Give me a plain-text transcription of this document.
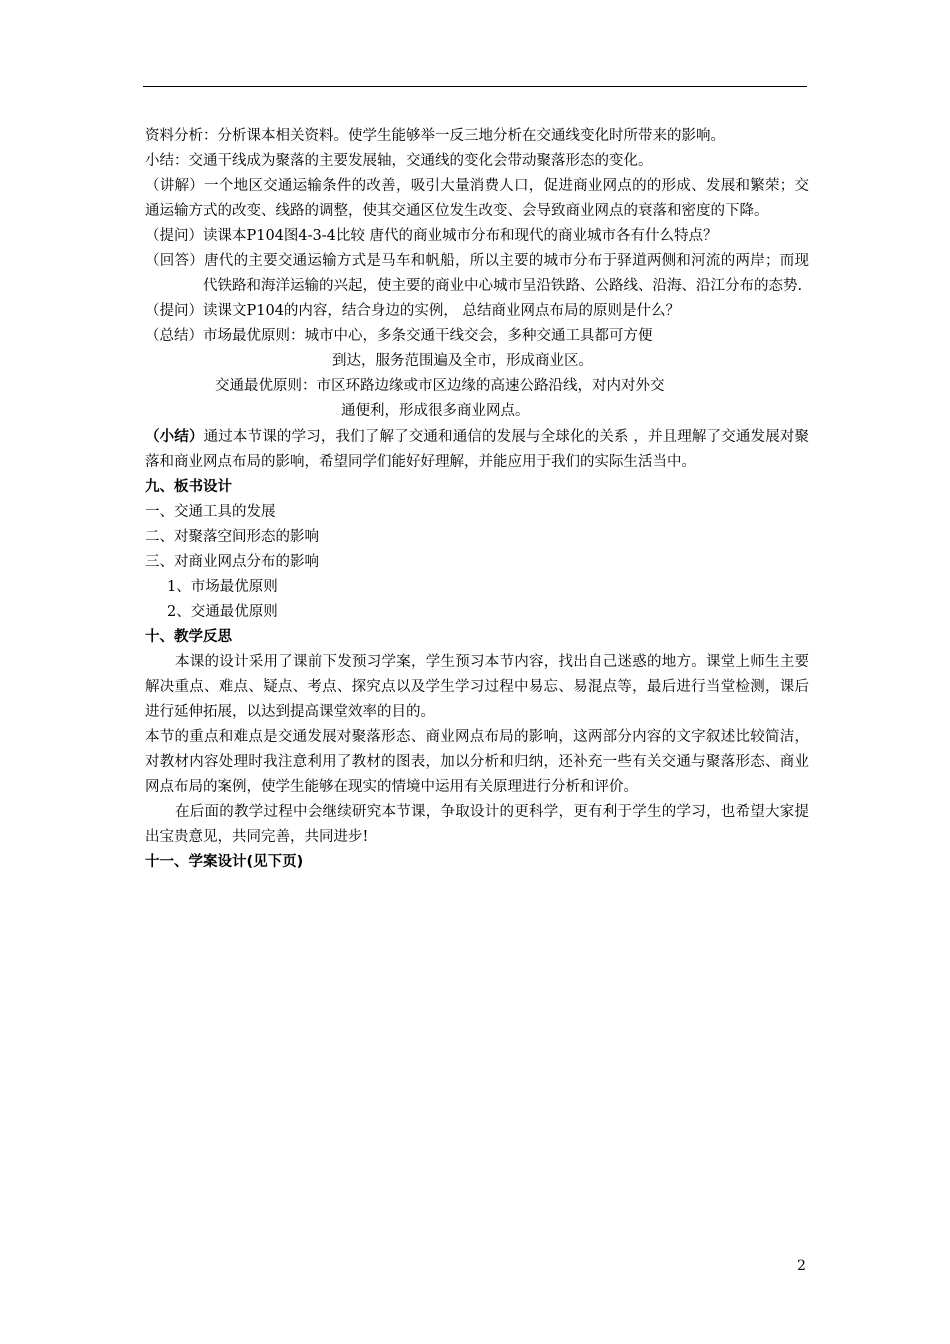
资料分析：分析课本相关资料。使学生能够举一反三地分析在交通线变化时所带来的影响。

小结：交通干线成为聚落的主要发展轴，交通线的变化会带动聚落形态的变化。

（讲解）一个地区交通运输条件的改善，吸引大量消费人口，促进商业网点的的形成、发展和繁荣；交通运输方式的改变、线路的调整，使其交通区位发生改变、会导致商业网点的衰落和密度的下降。

（提问）读课本P104图4-3-4比较 唐代的商业城市分布和现代的商业城市各有什么特点？

（回答）唐代的主要交通运输方式是马车和帆船，所以主要的城市分布于驿道两侧和河流的两岸；而现代铁路和海洋运输的兴起，使主要的商业中心城市呈沿铁路、公路线、沿海、沿江分布的态势.

（提问）读课文P104的内容，结合身边的实例， 总结商业网点布局的原则是什么？

（总结）市场最优原则：城市中心，多条交通干线交会，多种交通工具都可方便

到达，服务范围遍及全市，形成商业区。

交通最优原则：市区环路边缘或市区边缘的高速公路沿线，对内对外交

通便利，形成很多商业网点。

（小结）通过本节课的学习，我们了解了交通和通信的发展与全球化的关系 ，并且理解了交通发展对聚落和商业网点布局的影响，希望同学们能好好理解，并能应用于我们的实际生活当中。

九、板书设计

一、交通工具的发展

二、对聚落空间形态的影响

三、对商业网点分布的影响

1、市场最优原则

2、交通最优原则

十、教学反思

本课的设计采用了课前下发预习学案，学生预习本节内容，找出自己迷惑的地方。课堂上师生主要解决重点、难点、疑点、考点、探究点以及学生学习过程中易忘、易混点等，最后进行当堂检测，课后进行延伸拓展，以达到提高课堂效率的目的。

本节的重点和难点是交通发展对聚落形态、商业网点布局的影响，这两部分内容的文字叙述比较简洁，对教材内容处理时我注意利用了教材的图表，加以分析和归纳，还补充一些有关交通与聚落形态、商业网点布局的案例，使学生能够在现实的情境中运用有关原理进行分析和评价。

在后面的教学过程中会继续研究本节课，争取设计的更科学，更有利于学生的学习，也希望大家提出宝贵意见，共同完善，共同进步!

十一、学案设计(见下页)

2
